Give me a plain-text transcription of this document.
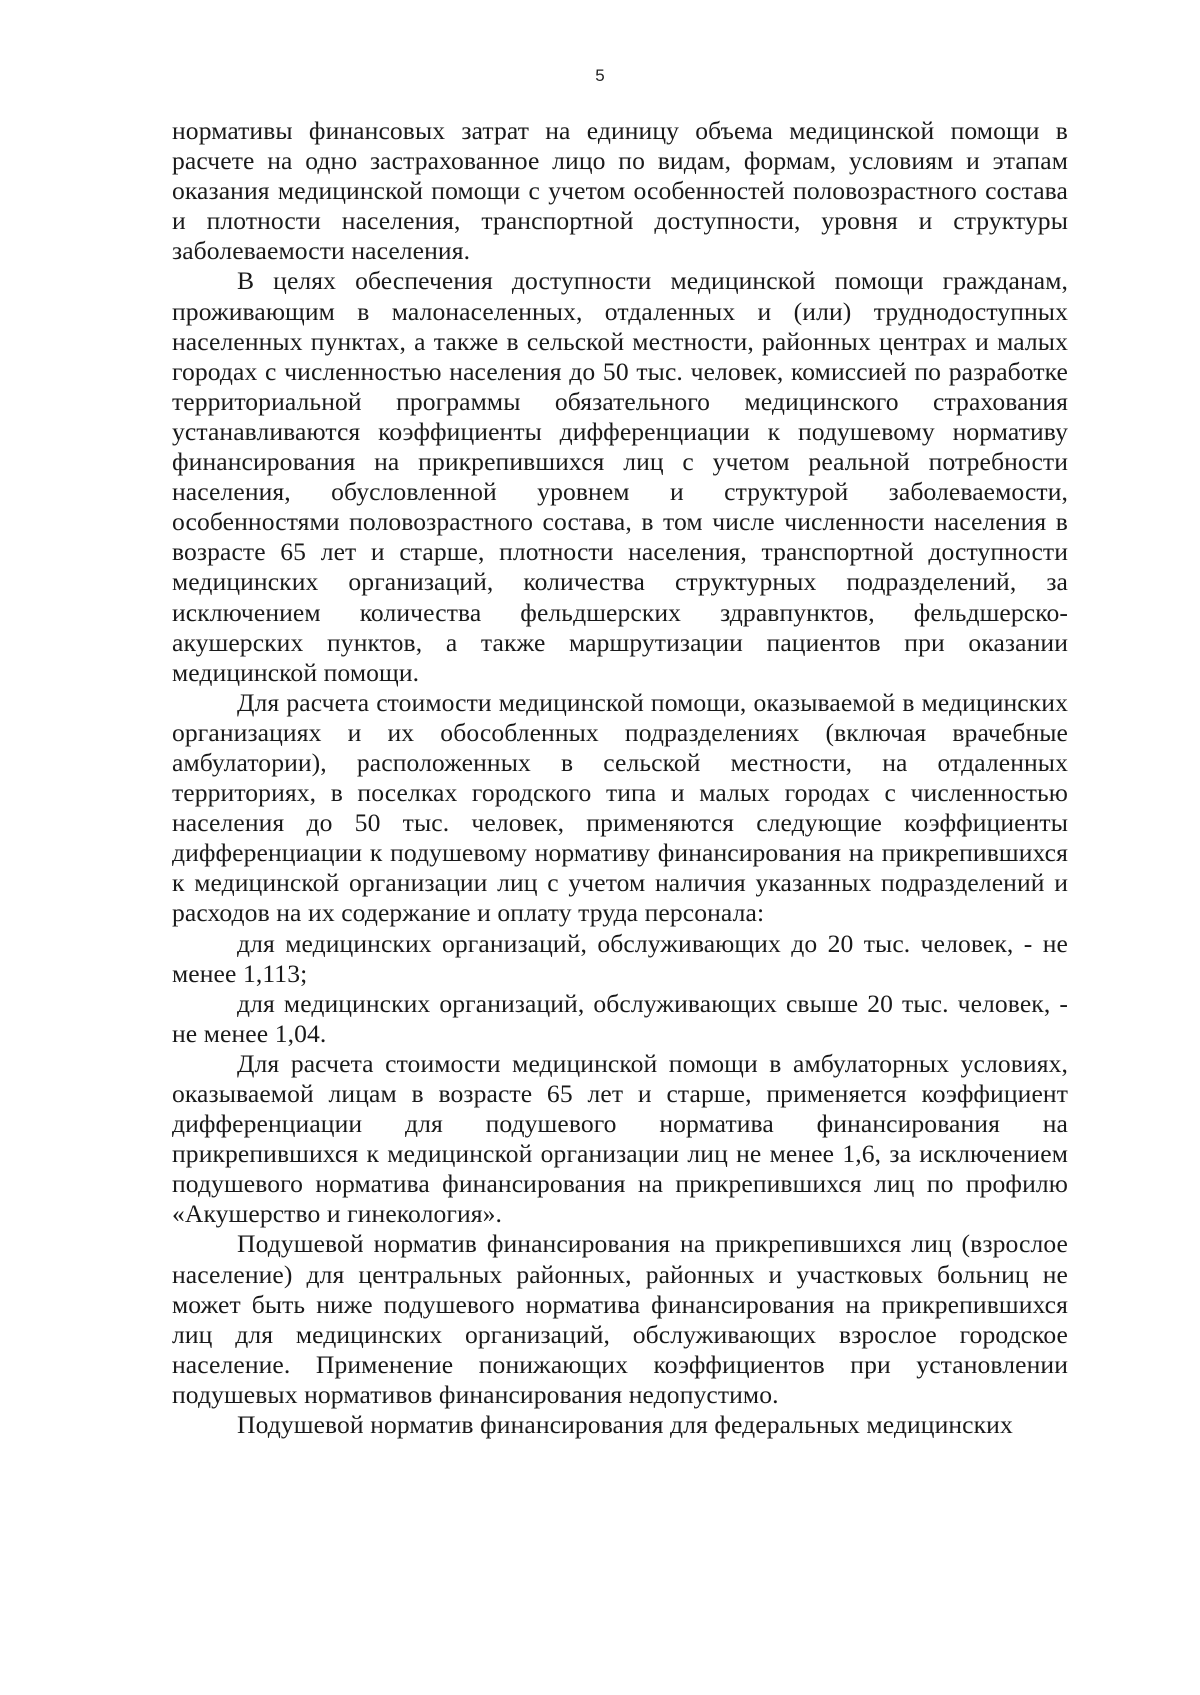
5

нормативы финансовых затрат на единицу объема медицинской помощи в расчете на одно застрахованное лицо по видам, формам, условиям и этапам оказания медицинской помощи с учетом особенностей половозрастного состава и плотности населения, транспортной доступности, уровня и структуры заболеваемости населения.

В целях обеспечения доступности медицинской помощи гражданам, проживающим в малонаселенных, отдаленных и (или) труднодоступных населенных пунктах, а также в сельской местности, районных центрах и малых городах с численностью населения до 50 тыс. человек, комиссией по разработке территориальной программы обязательного медицинского страхования устанавливаются коэффициенты дифференциации к подушевому нормативу финансирования на прикрепившихся лиц с учетом реальной потребности населения, обусловленной уровнем и структурой заболеваемости, особенностями половозрастного состава, в том числе численности населения в возрасте 65 лет и старше, плотности населения, транспортной доступности медицинских организаций, количества структурных подразделений, за исключением количества фельдшерских здравпунктов, фельдшерско-акушерских пунктов, а также маршрутизации пациентов при оказании медицинской помощи.

Для расчета стоимости медицинской помощи, оказываемой в медицинских организациях и их обособленных подразделениях (включая врачебные амбулатории), расположенных в сельской местности, на отдаленных территориях, в поселках городского типа и малых городах с численностью населения до 50 тыс. человек, применяются следующие коэффициенты дифференциации к подушевому нормативу финансирования на прикрепившихся к медицинской организации лиц с учетом наличия указанных подразделений и расходов на их содержание и оплату труда персонала:

для медицинских организаций, обслуживающих до 20 тыс. человек, - не менее 1,113;

для медицинских организаций, обслуживающих свыше 20 тыс. человек, - не менее 1,04.

Для расчета стоимости медицинской помощи в амбулаторных условиях, оказываемой лицам в возрасте 65 лет и старше, применяется коэффициент дифференциации для подушевого норматива финансирования на прикрепившихся к медицинской организации лиц не менее 1,6, за исключением подушевого норматива финансирования на прикрепившихся лиц по профилю «Акушерство и гинекология».

Подушевой норматив финансирования на прикрепившихся лиц (взрослое население) для центральных районных, районных и участковых больниц не может быть ниже подушевого норматива финансирования на прикрепившихся лиц для медицинских организаций, обслуживающих взрослое городское население. Применение понижающих коэффициентов при установлении подушевых нормативов финансирования недопустимо.

Подушевой норматив финансирования для федеральных медицинских
